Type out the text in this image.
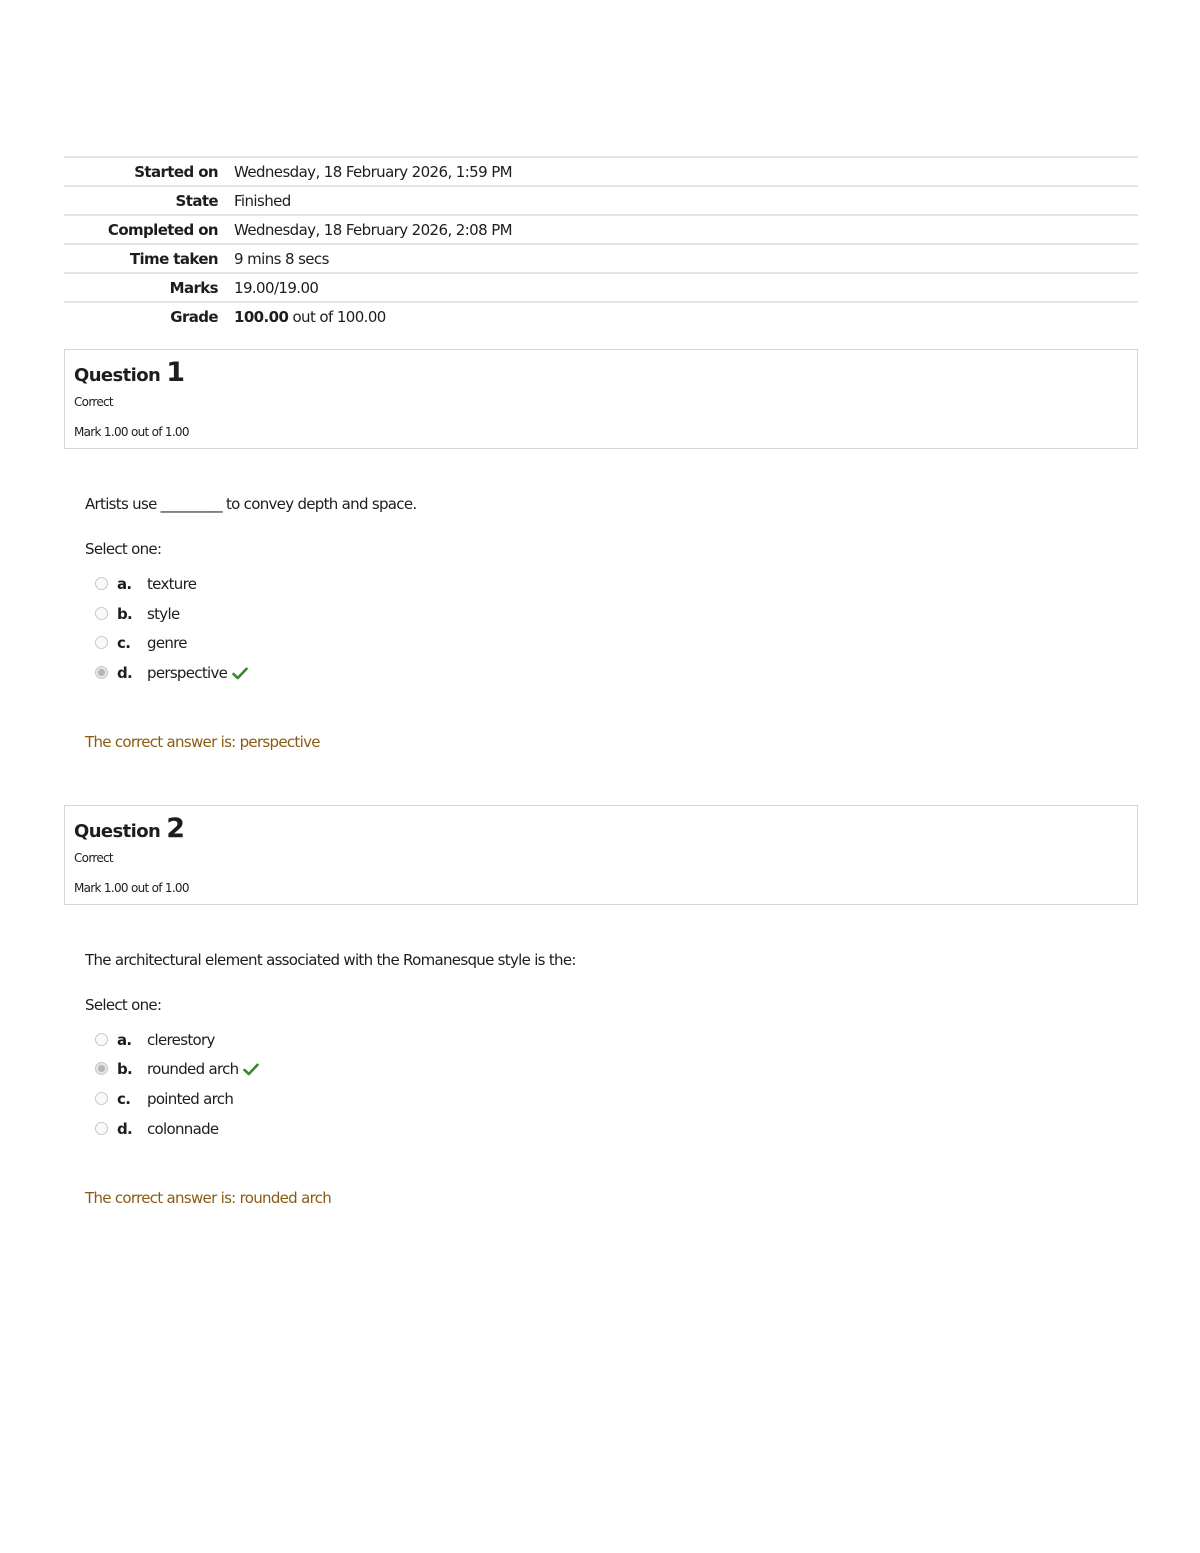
Started on	Wednesday, 18 February 2026, 1:59 PM
State	Finished
Completed on	Wednesday, 18 February 2026, 2:08 PM
Time taken	9 mins 8 secs
Marks	19.00/19.00
Grade	100.00 out of 100.00
Question 1
Correct
Mark 1.00 out of 1.00
Artists use _________ to convey depth and space.
Select one:
a. texture
b. style
c. genre
d. perspective
The correct answer is: perspective
Question 2
Correct
Mark 1.00 out of 1.00
The architectural element associated with the Romanesque style is the:
Select one:
a. clerestory
b. rounded arch
c. pointed arch
d. colonnade
The correct answer is: rounded arch
